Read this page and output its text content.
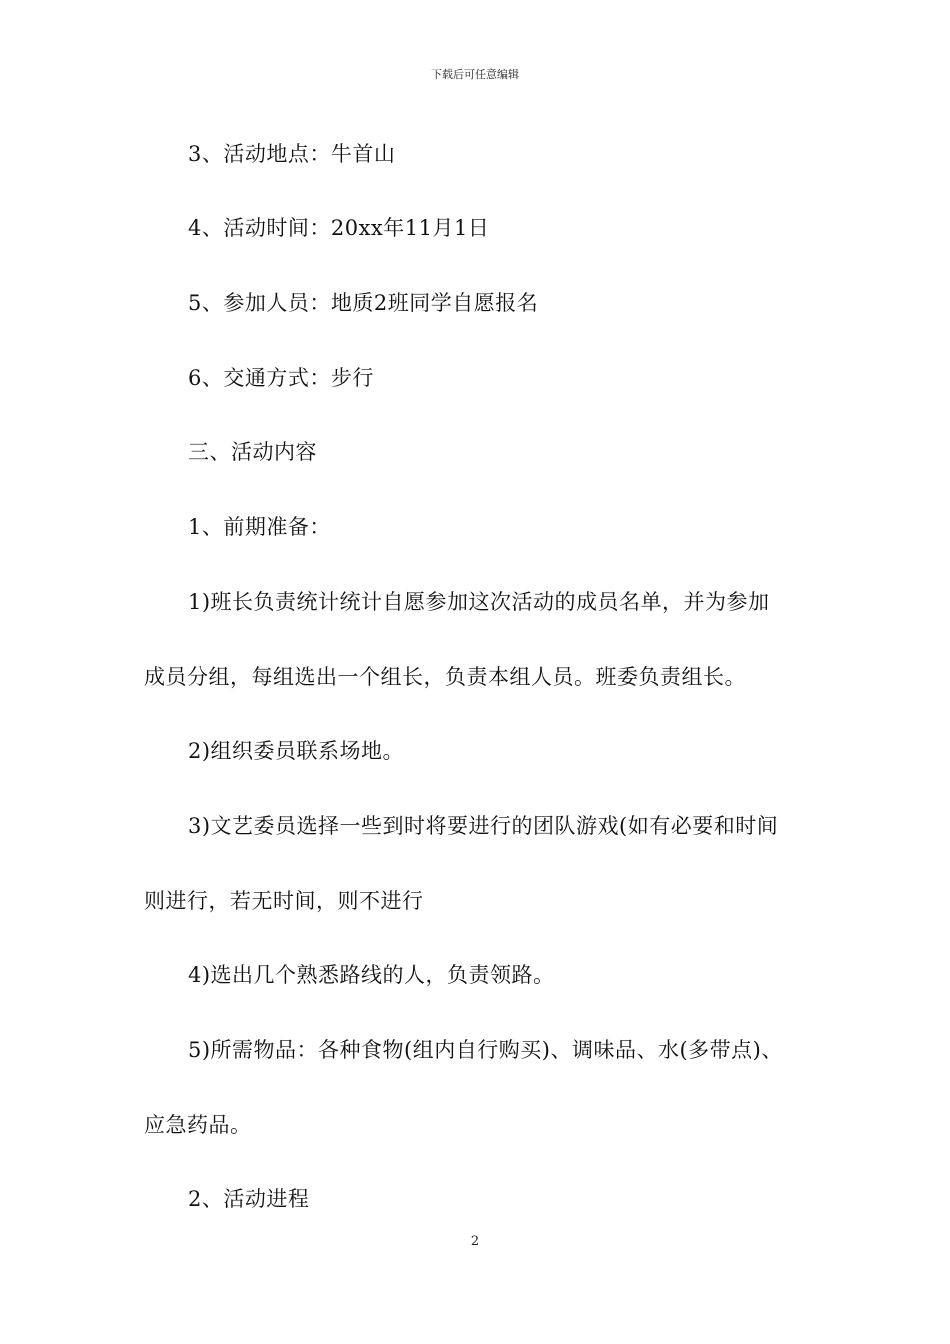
下载后可任意编辑
3、活动地点：牛首山
4、活动时间：20xx年11月1日
5、参加人员：地质2班同学自愿报名
6、交通方式：步行
三、活动内容
1、前期准备：
1)班长负责统计统计自愿参加这次活动的成员名单，并为参加
成员分组，每组选出一个组长，负责本组人员。班委负责组长。
2)组织委员联系场地。
3)文艺委员选择一些到时将要进行的团队游戏(如有必要和时间
则进行，若无时间，则不进行
4)选出几个熟悉路线的人，负责领路。
5)所需物品：各种食物(组内自行购买)、调味品、水(多带点)、
应急药品。
2、活动进程
2
